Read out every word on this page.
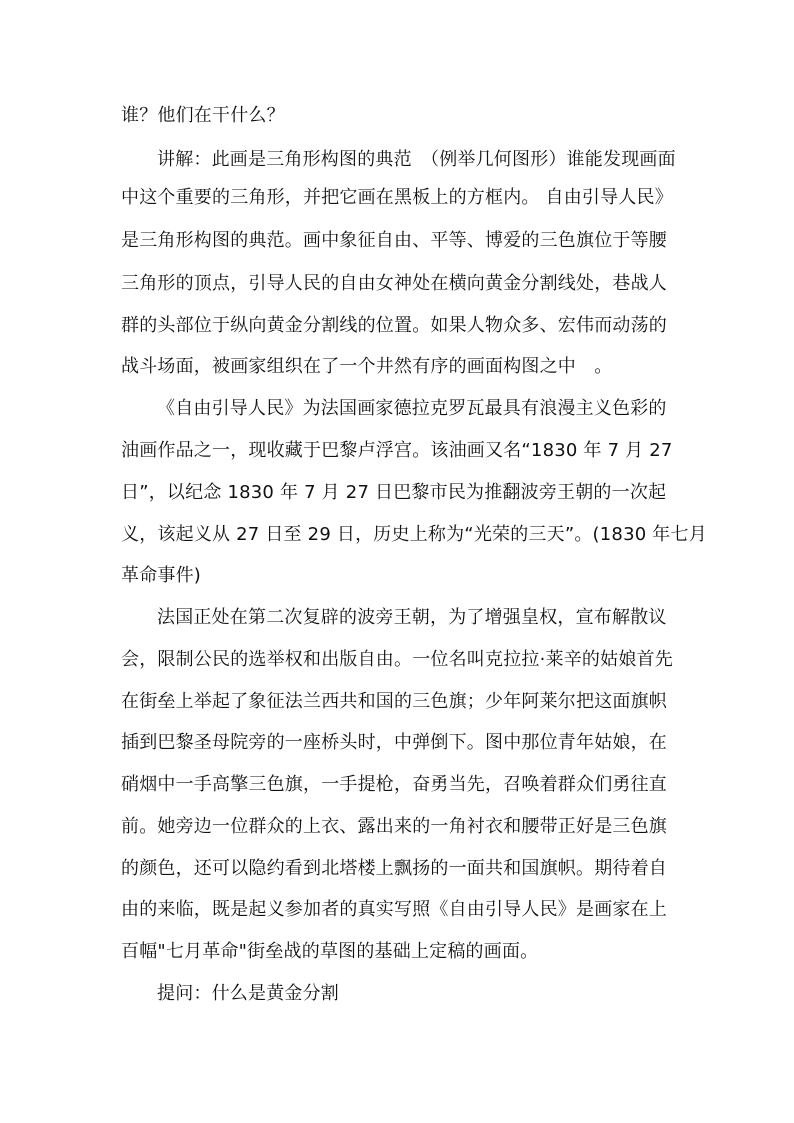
谁？他们在干什么？
讲解：此画是三角形构图的典范　（例举几何图形）谁能发现画面
中这个重要的三角形，并把它画在黑板上的方框内。 自由引导人民》
是三角形构图的典范。画中象征自由、平等、博爱的三色旗位于等腰
三角形的顶点，引导人民的自由女神处在横向黄金分割线处，巷战人
群的头部位于纵向黄金分割线的位置。如果人物众多、宏伟而动荡的
战斗场面，被画家组织在了一个井然有序的画面构图之中　。
《自由引导人民》为法国画家德拉克罗瓦最具有浪漫主义色彩的
油画作品之一，现收藏于巴黎卢浮宫。该油画又名“1830 年 7 月 27
日”，以纪念 1830 年 7 月 27 日巴黎市民为推翻波旁王朝的一次起
义，该起义从 27 日至 29 日，历史上称为“光荣的三天”。(1830 年七月
革命事件)
法国正处在第二次复辟的波旁王朝，为了增强皇权，宣布解散议
会，限制公民的选举权和出版自由。一位名叫克拉拉·莱辛的姑娘首先
在街垒上举起了象征法兰西共和国的三色旗；少年阿莱尔把这面旗帜
插到巴黎圣母院旁的一座桥头时，中弹倒下。图中那位青年姑娘，在
硝烟中一手高擎三色旗，一手提枪，奋勇当先，召唤着群众们勇往直
前。她旁边一位群众的上衣、露出来的一角衬衣和腰带正好是三色旗
的颜色，还可以隐约看到北塔楼上飘扬的一面共和国旗帜。期待着自
由的来临，既是起义参加者的真实写照《自由引导人民》是画家在上
百幅"七月革命"街垒战的草图的基础上定稿的画面。
提问：什么是黄金分割
